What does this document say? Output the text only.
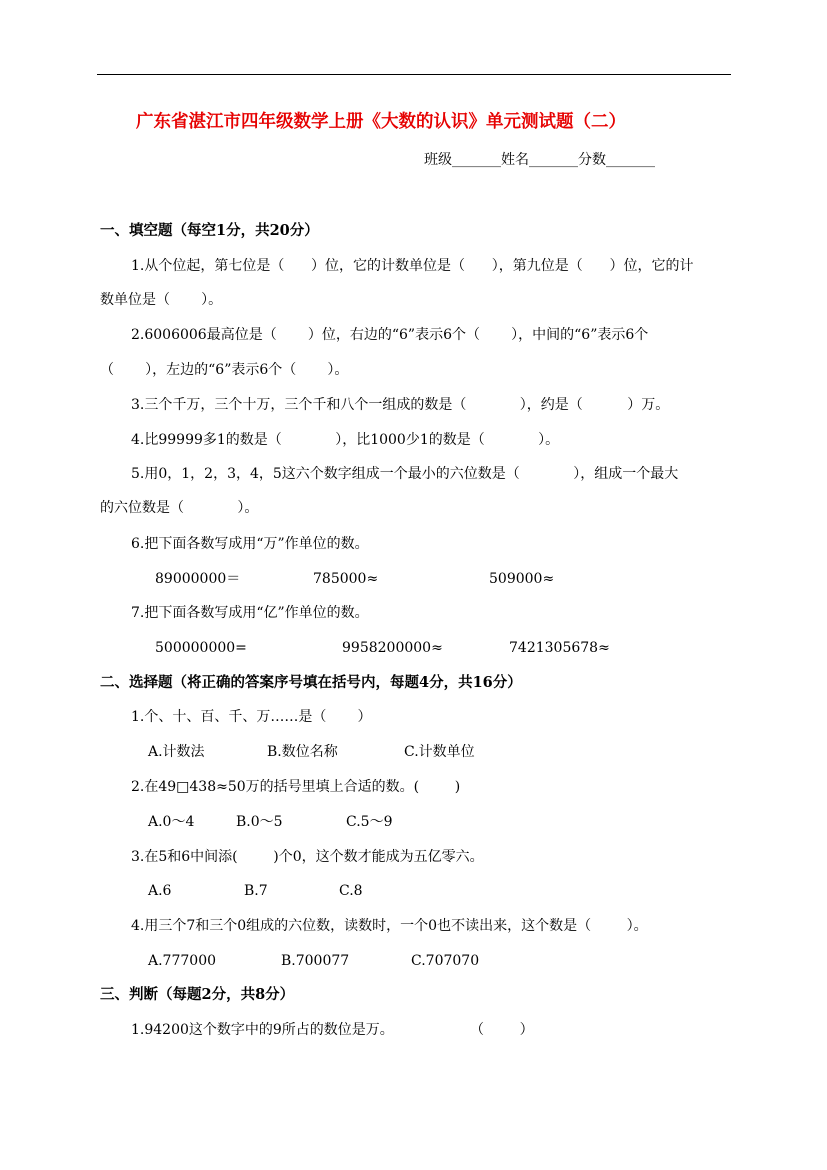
广东省湛江市四年级数学上册《大数的认识》单元测试题（二）
班级_______姓名_______分数_______
一、填空题（每空1分，共20分）
1.从个位起，第七位是（      ）位，它的计数单位是（      ），第九位是（      ）位，它的计
数单位是（       ）。
2.6006006最高位是（       ）位，右边的“6”表示6个（       ），中间的“6”表示6个
（       ），左边的“6”表示6个（       ）。
3.三个千万，三个十万，三个千和八个一组成的数是（            ），约是（          ）万。
4.比99999多1的数是（            ），比1000少1的数是（            ）。
5.用0，1，2，3，4，5这六个数字组成一个最小的六位数是（            ），组成一个最大
的六位数是（            ）。
6.把下面各数写成用“万”作单位的数。
89000000＝	785000≈	509000≈
7.把下面各数写成用“亿”作单位的数。
500000000=	9958200000≈	7421305678≈
二、选择题（将正确的答案序号填在括号内，每题4分，共16分）
1.个、十、百、千、万……是（       ）
A.计数法	B.数位名称	C.计数单位
2.在49□438≈50万的括号里填上合适的数。(        )
A.0～4	B.0～5	C.5～9
3.在5和6中间添(        )个0，这个数才能成为五亿零六。
A.6	B.7	C.8
4.用三个7和三个0组成的六位数，读数时，一个0也不读出来，这个数是（        ）。
A.777000	B.700077	C.707070
三、判断（每题2分，共8分）
1.94200这个数字中的9所占的数位是万。	（        ）
